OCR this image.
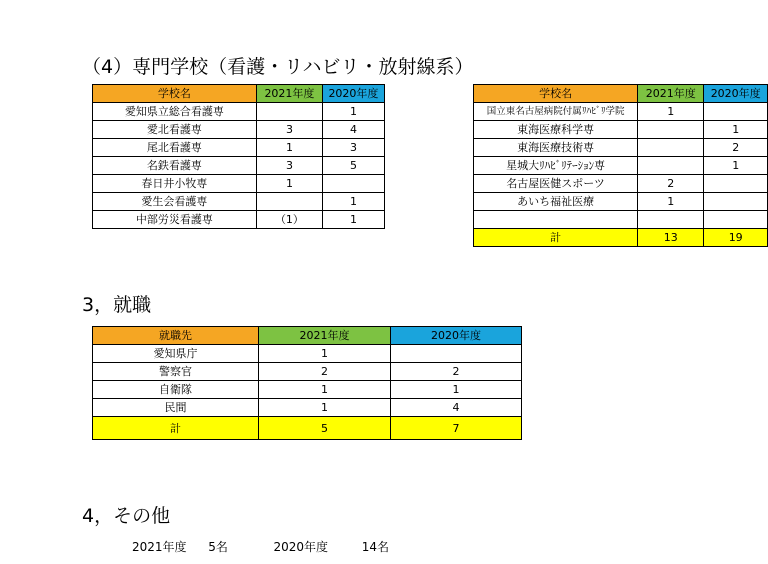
（4）専門学校（看護・リハビリ・放射線系）
学校名	2021年度	2020年度		学校名	2021年度	2020年度
愛知県立総合看護専		1		国立東名古屋病院付属ﾘﾊﾋﾞﾘ学院	1	
愛北看護専	3	4		東海医療科学専		1
尾北看護専	1	3		東海医療技術専		2
名鉄看護専	3	5		星城大ﾘﾊﾋﾞﾘﾃｰｼｮﾝ専		1
春日井小牧専	1			名古屋医健スポーツ	2	
愛生会看護専		1		あいち福祉医療	1	
中部労災看護専	（1）	1				
				計	13	19
3，就職
就職先	2021年度	2020年度
愛知県庁	1	
警察官	2	2
自衛隊	1	1
民間	1	4
計	5	7
4，その他
2021年度 5名	2020年度	14名
